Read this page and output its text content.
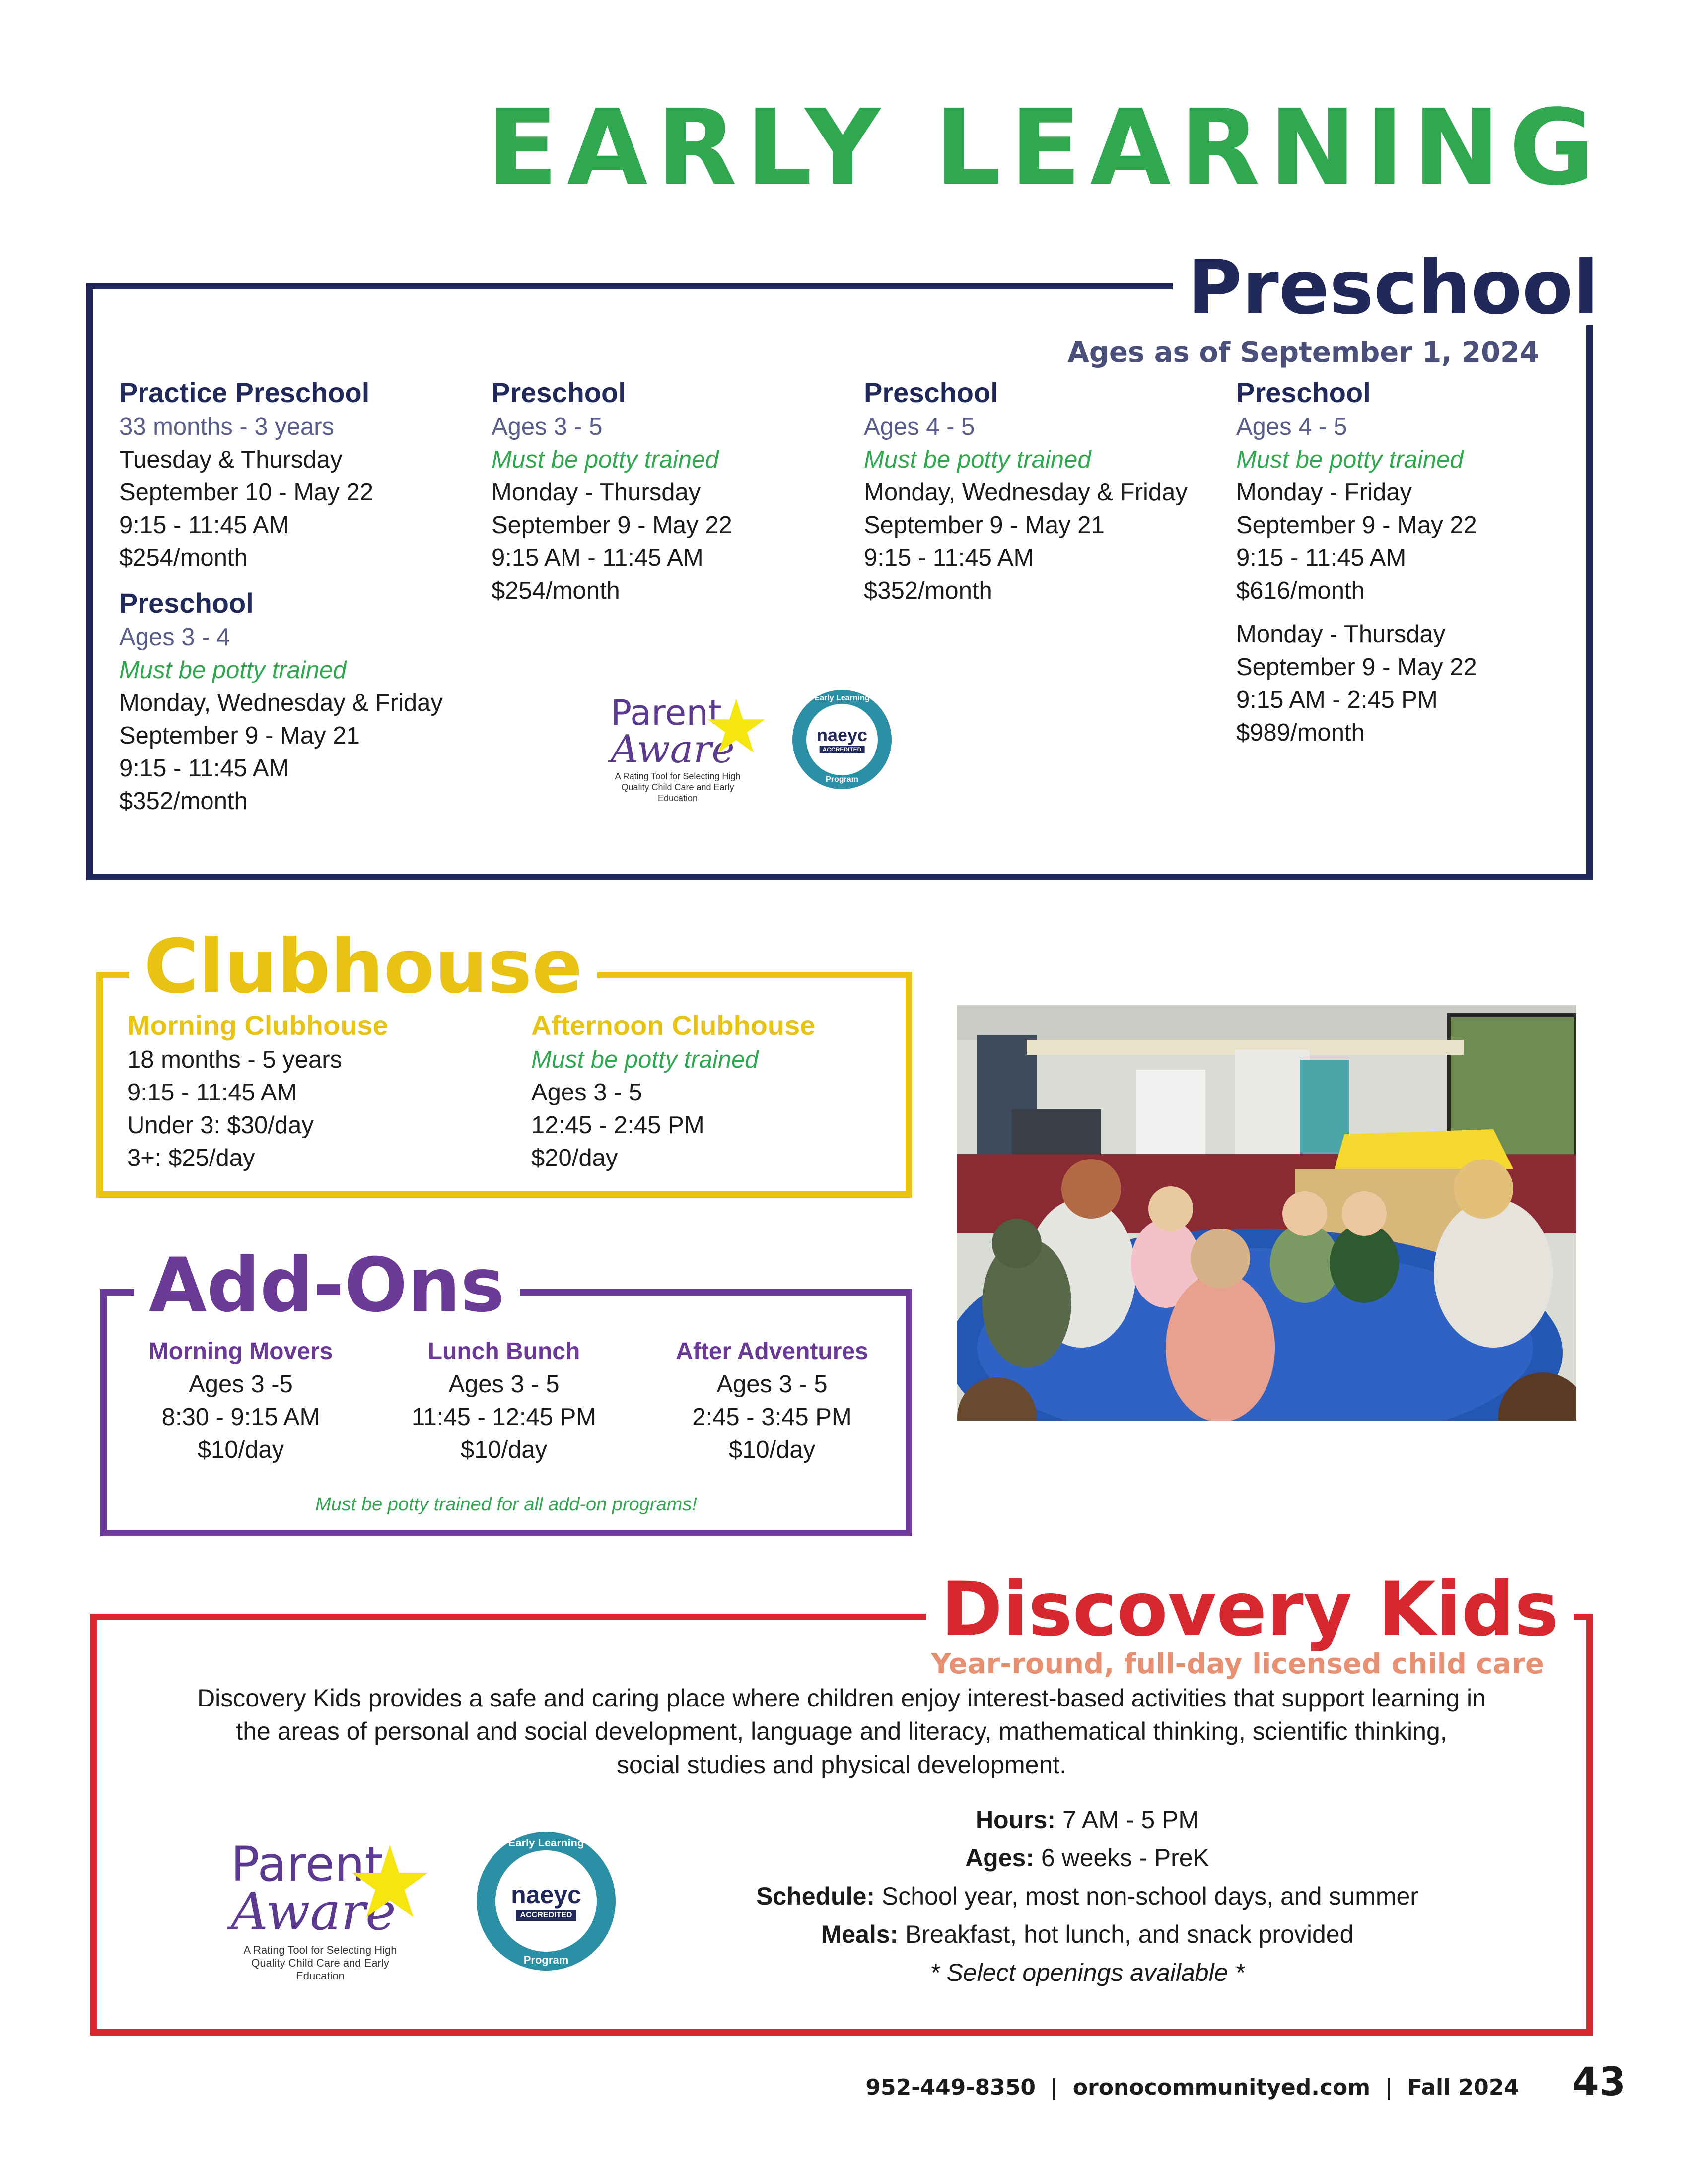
EARLY LEARNING
Preschool
Ages as of September 1, 2024
Practice Preschool
33 months - 3 years
Tuesday & Thursday
September 10 - May 22
9:15 - 11:45 AM
$254/month
Preschool
Ages 3 - 4
Must be potty trained
Monday, Wednesday & Friday
September 9 - May 21
9:15 - 11:45 AM
$352/month
Preschool
Ages 3 - 5
Must be potty trained
Monday - Thursday
September 9 - May 22
9:15 AM - 11:45 AM
$254/month
Preschool
Ages 4 - 5
Must be potty trained
Monday, Wednesday & Friday
September 9 - May 21
9:15 - 11:45 AM
$352/month
Preschool
Ages 4 - 5
Must be potty trained
Monday - Friday
September 9 - May 22
9:15 - 11:45 AM
$616/month
Monday - Thursday
September 9 - May 22
9:15 AM - 2:45 PM
$989/month
Parent
Aware
★
A Rating Tool for Selecting High Quality Child Care and Early Education
Early Learning
naeyc
ACCREDITED
Program
Clubhouse
Morning Clubhouse
18 months - 5 years
9:15 - 11:45 AM
Under 3: $30/day
3+: $25/day
Afternoon Clubhouse
Must be potty trained
Ages 3 - 5
12:45 - 2:45 PM
$20/day
Add-Ons
Morning Movers
Ages 3 -5
8:30 - 9:15 AM
$10/day
Lunch Bunch
Ages 3 - 5
11:45 - 12:45 PM
$10/day
After Adventures
Ages 3 - 5
2:45 - 3:45 PM
$10/day
Must be potty trained for all add-on programs!
Discovery Kids
Year-round, full-day licensed child care
Discovery Kids provides a safe and caring place where children enjoy interest-based activities that support learning in
the areas of personal and social development, language and literacy, mathematical thinking, scientific thinking,
social studies and physical development.
Hours: 7 AM - 5 PM
Ages: 6 weeks - PreK
Schedule: School year, most non-school days, and summer
Meals: Breakfast, hot lunch, and snack provided
* Select openings available *
Parent
Aware
★
A Rating Tool for Selecting High Quality Child Care and Early Education
Early Learning
naeyc
ACCREDITED
Program
952-449-8350 | oronocommunityed.com | Fall 2024 43
